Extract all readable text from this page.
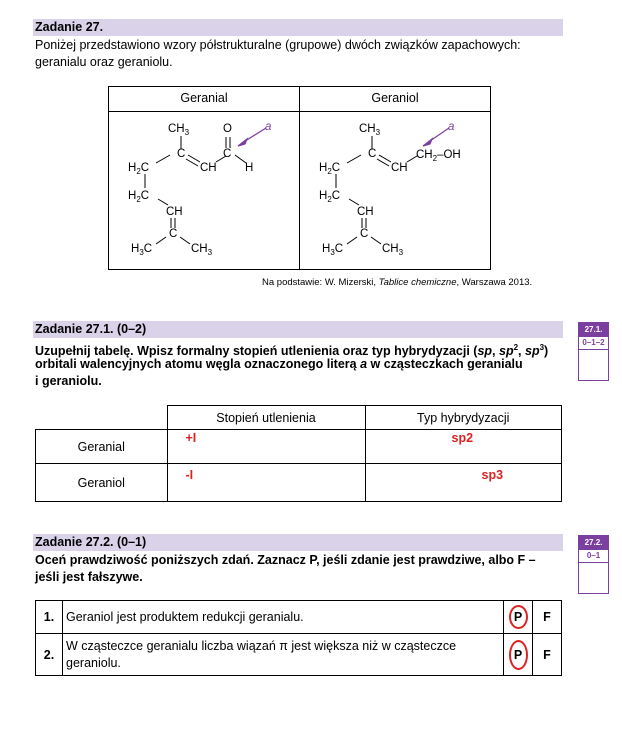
Zadanie 27.
Poniżej przedstawiono wzory półstrukturalne (grupowe) dwóch związków zapachowych:
geranialu oraz geraniolu.
Geranial	Geraniol
$CH_3$	O	a
C	C
$H_2C$	CH H
$H_2C$
CH
C
$H_3C$	$CH_3$
$CH_3$	a
C	$CH_2-OH$
$H_2C$	CH
$H_2C$
CH
C
$H_3C$	$CH_3$
Na podstawie: W. Mizerski, Tablice chemiczne, Warszawa 2013.
Zadanie 27.1. (0–2)
Uzupełnij tabelę. Wpisz formalny stopień utlenienia oraz typ hybrydyzacji (sp, $sp^2$, $sp^3$)
orbitali walencyjnych atomu węgla oznaczonego literą a w cząsteczkach geranialu
i geraniolu.
27.1.
0–1–2
	Stopień utlenienia	Typ hybrydyzacji
Geranial	+I	sp2
Geraniol	-I	sp3
Zadanie 27.2. (0–1)
Oceń prawdziwość poniższych zdań. Zaznacz P, jeśli zdanie jest prawdziwe, albo F –
jeśli jest fałszywe.
27.2.
0–1
1.	Geraniol jest produktem redukcji geranialu.	P	F
2.	W cząsteczce geranialu liczba wiązań π jest większa niż w cząsteczce
geraniolu.	P	F
